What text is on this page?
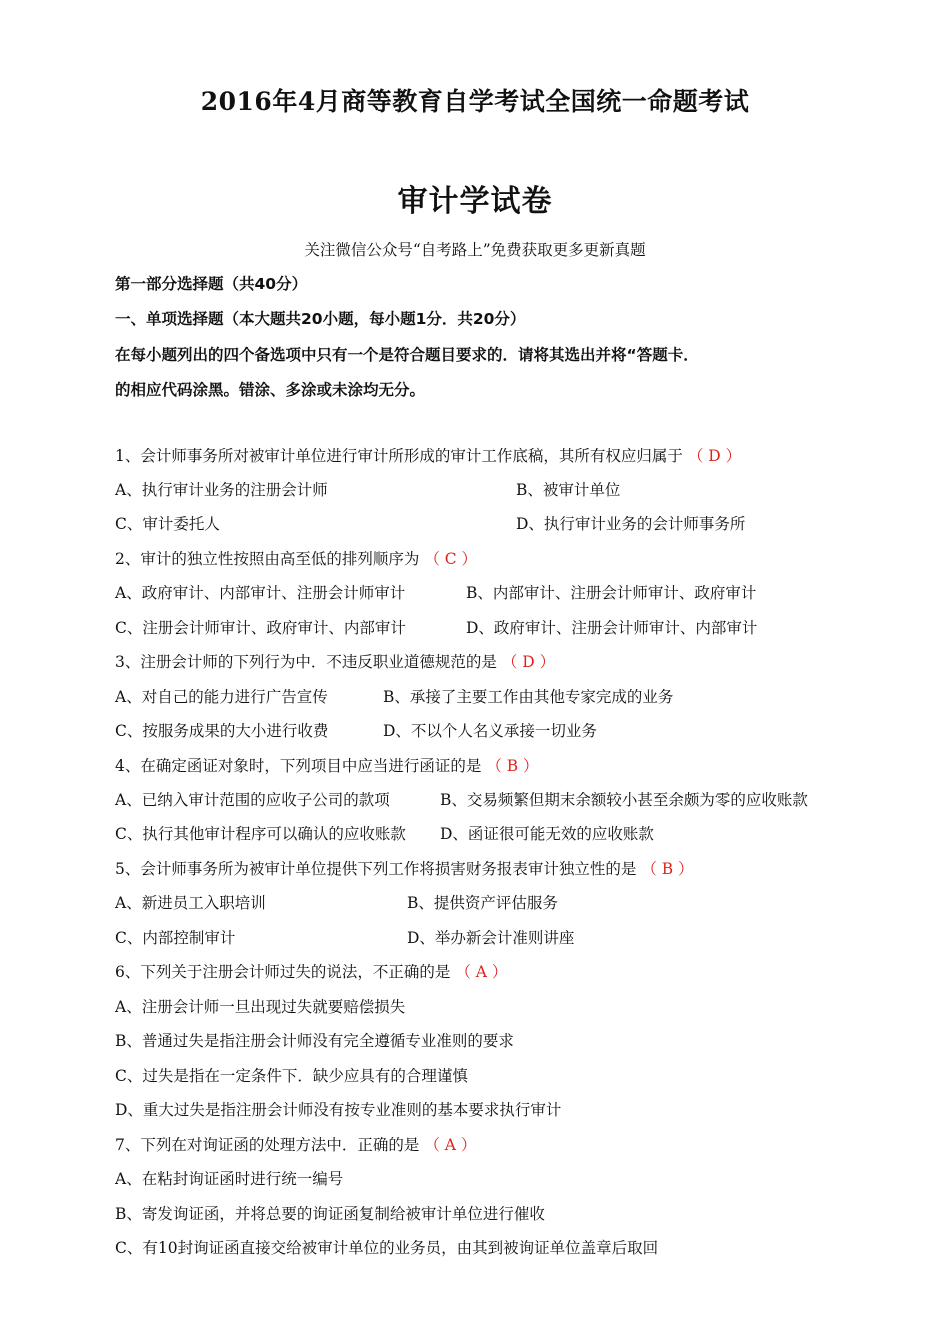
2016年4月商等教育自学考试全国统一命题考试
审计学试卷
关注微信公众号“自考路上”免费获取更多更新真题
第一部分选择题（共40分）
一、单项选择题（本大题共20小题，每小题1分．共20分）
在每小题列出的四个备选项中只有一个是符合题目要求的．请将其选出并将“答题卡．
的相应代码涂黑。错涂、多涂或未涂均无分。
1、会计师事务所对被审计单位进行审计所形成的审计工作底稿，其所有权应归属于 （ D ）
A、执行审计业务的注册会计师	B、被审计单位
C、审计委托人	D、执行审计业务的会计师事务所
2、审计的独立性按照由高至低的排列顺序为 （ C ）
A、政府审计、内部审计、注册会计师审计	B、内部审计、注册会计师审计、政府审计
C、注册会计师审计、政府审计、内部审计	D、政府审计、注册会计师审计、内部审计
3、注册会计师的下列行为中．不违反职业道德规范的是 （ D ）
A、对自己的能力进行广告宣传	B、承接了主要工作由其他专家完成的业务
C、按服务成果的大小进行收费	D、不以个人名义承接一切业务
4、在确定函证对象时，下列项目中应当进行函证的是 （ B ）
A、已纳入审计范围的应收子公司的款项	B、交易频繁但期末余额较小甚至余颇为零的应收账款
C、执行其他审计程序可以确认的应收账款 D、函证很可能无效的应收账款
5、会计师事务所为被审计单位提供下列工作将损害财务报表审计独立性的是 （ B ）
A、新进员工入职培训	B、提供资产评估服务
C、内部控制审计	D、举办新会计准则讲座
6、下列关于注册会计师过失的说法，不正确的是 （ A ）
A、注册会计师一旦出现过失就要赔偿损失
B、普通过失是指注册会计师没有完全遵循专业准则的要求
C、过失是指在一定条件下．缺少应具有的合理谨慎
D、重大过失是指注册会计师没有按专业准则的基本要求执行审计
7、下列在对询证函的处理方法中．正确的是 （ A ）
A、在粘封询证函时进行统一编号
B、寄发询证函，并将总要的询证函复制给被审计单位进行催收
C、有10封询证函直接交给被审计单位的业务员，由其到被询证单位盖章后取回
